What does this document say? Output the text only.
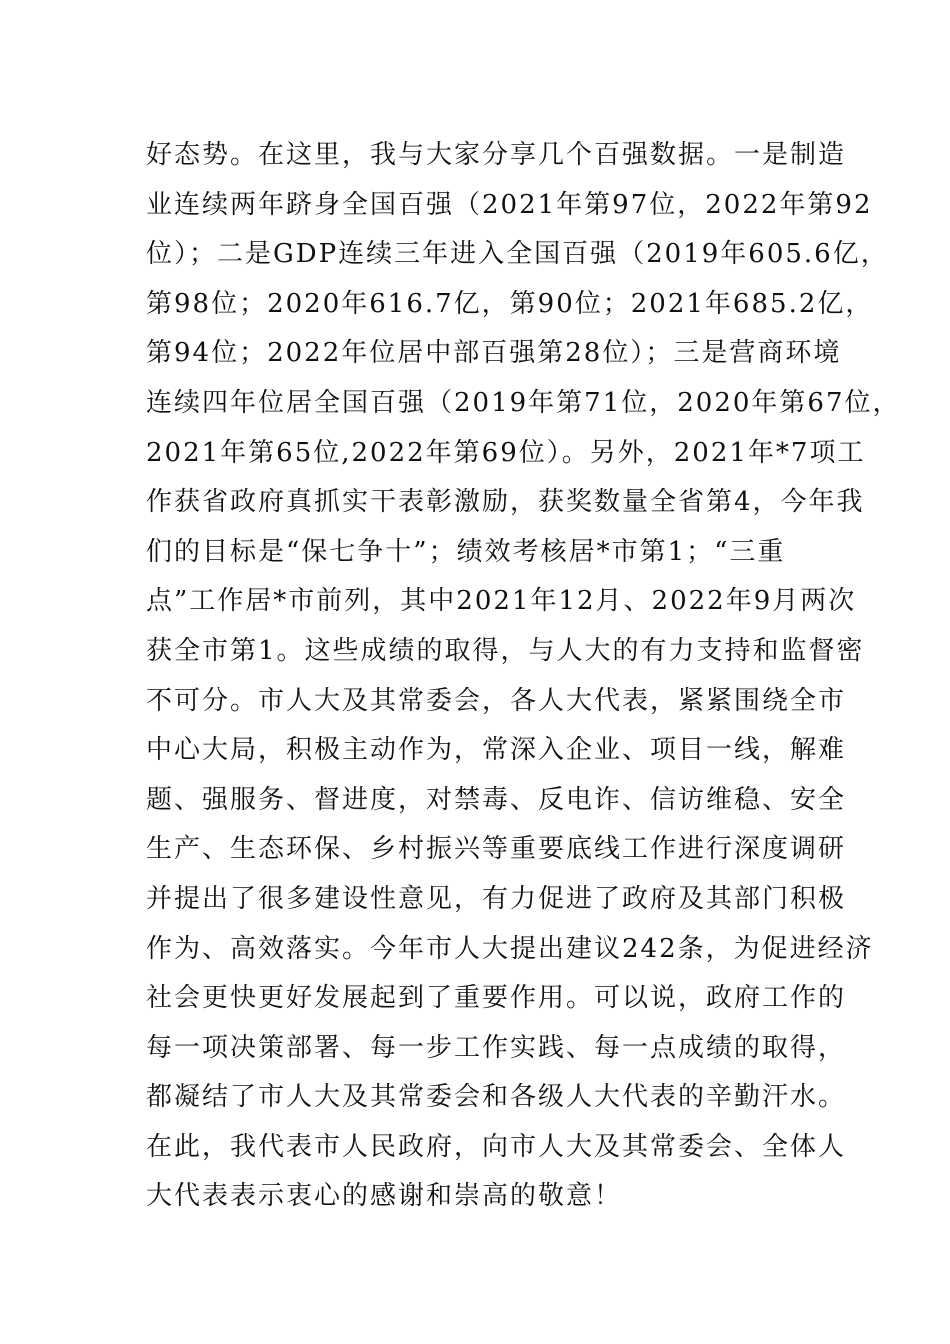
好态势。在这里，我与大家分享几个百强数据。一是制造
业连续两年跻身全国百强（2021年第97位，2022年第92
位）；二是GDP连续三年进入全国百强（2019年605.6亿，
第98位；2020年616.7亿，第90位；2021年685.2亿，
第94位；2022年位居中部百强第28位）；三是营商环境
连续四年位居全国百强（2019年第71位，2020年第67位，
2021年第65位,2022年第69位）。另外，2021年*7项工
作获省政府真抓实干表彰激励，获奖数量全省第4，今年我
们的目标是“保七争十”；绩效考核居*市第1；“三重
点”工作居*市前列，其中2021年12月、2022年9月两次
获全市第1。这些成绩的取得，与人大的有力支持和监督密
不可分。市人大及其常委会，各人大代表，紧紧围绕全市
中心大局，积极主动作为，常深入企业、项目一线，解难
题、强服务、督进度，对禁毒、反电诈、信访维稳、安全
生产、生态环保、乡村振兴等重要底线工作进行深度调研
并提出了很多建设性意见，有力促进了政府及其部门积极
作为、高效落实。今年市人大提出建议242条，为促进经济
社会更快更好发展起到了重要作用。可以说，政府工作的
每一项决策部署、每一步工作实践、每一点成绩的取得，
都凝结了市人大及其常委会和各级人大代表的辛勤汗水。
在此，我代表市人民政府，向市人大及其常委会、全体人
大代表表示衷心的感谢和崇高的敬意！
